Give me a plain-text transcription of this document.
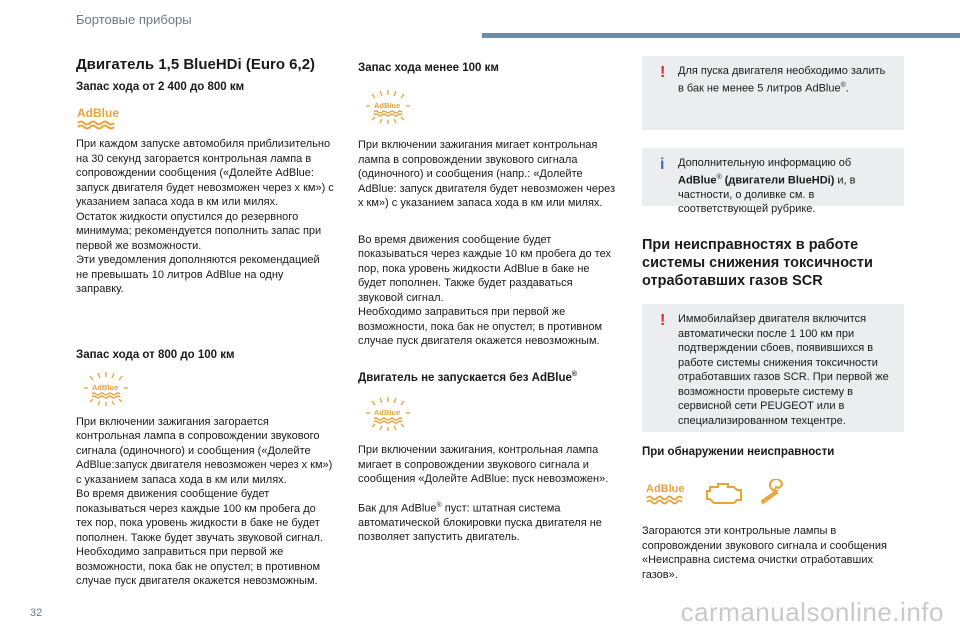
Бортовые приборы
Двигатель 1,5 BlueHDi (Euro 6,2)
Запас хода от 2 400 до 800 км
AdBlue

При каждом запуске автомобиля приблизительно на 30 секунд загорается контрольная лампа в сопровождении сообщения («Долейте AdBlue: запуск двигателя будет невозможен через х км») с указанием запаса хода в км или милях.
Остаток жидкости опустился до резервного минимума; рекомендуется пополнить запас при первой же возможности.
Эти уведомления дополняются рекомендацией не превышать 10 литров AdBlue на одну заправку.

Запас хода от 800 до 100 км
AdBlue

При включении зажигания загорается контрольная лампа в сопровождении звукового сигнала (одиночного) и сообщения («Долейте AdBlue:запуск двигателя невозможен через х км») с указанием запаса хода в км или милях.
Во время движения сообщение будет показываться через каждые 100 км пробега до тех пор, пока уровень жидкости в баке не будет пополнен. Также будет звучать звуковой сигнал.
Необходимо заправиться при первой же возможности, пока бак не опустел; в противном случае пуск двигателя окажется невозможным.

Запас хода менее 100 км
AdBlue

При включении зажигания мигает контрольная лампа в сопровождении звукового сигнала (одиночного) и сообщения (напр.: «Долейте AdBlue: запуск двигателя будет невозможен через х км») с указанием запаса хода в км или милях.

Во время движения сообщение будет показываться через каждые 10 км пробега до тех пор, пока уровень жидкости AdBlue в баке не будет пополнен. Также будет раздаваться звуковой сигнал.
Необходимо заправиться при первой же возможности, пока бак не опустел; в противном случае пуск двигателя окажется невозможным.

Двигатель не запускается без AdBlue®
AdBlue

При включении зажигания, контрольная лампа мигает в сопровождении звукового сигнала и сообщения «Долейте AdBlue: пуск невозможен».

Бак для AdBlue® пуст: штатная система автоматической блокировки пуска двигателя не позволяет запустить двигатель.

! Для пуска двигателя необходимо залить в бак не менее 5 литров AdBlue®.
i Дополнительную информацию об AdBlue® (двигатели BlueHDi) и, в частности, о доливке см. в соответствующей рубрике.
При неисправностях в работе системы снижения токсичности отработавших газов SCR
! Иммобилайзер двигателя включится автоматически после 1 100 км при подтверждении сбоев, появившихся в работе системы снижения токсичности отработавших газов SCR. При первой же возможности проверьте систему в сервисной сети PEUGEOT или в специализированном техцентре.
При обнаружении неисправности
AdBlue

Загораются эти контрольные лампы в сопровождении звукового сигнала и сообщения «Неисправна система очистки отработавших газов».

32	carmanualsonline.info
